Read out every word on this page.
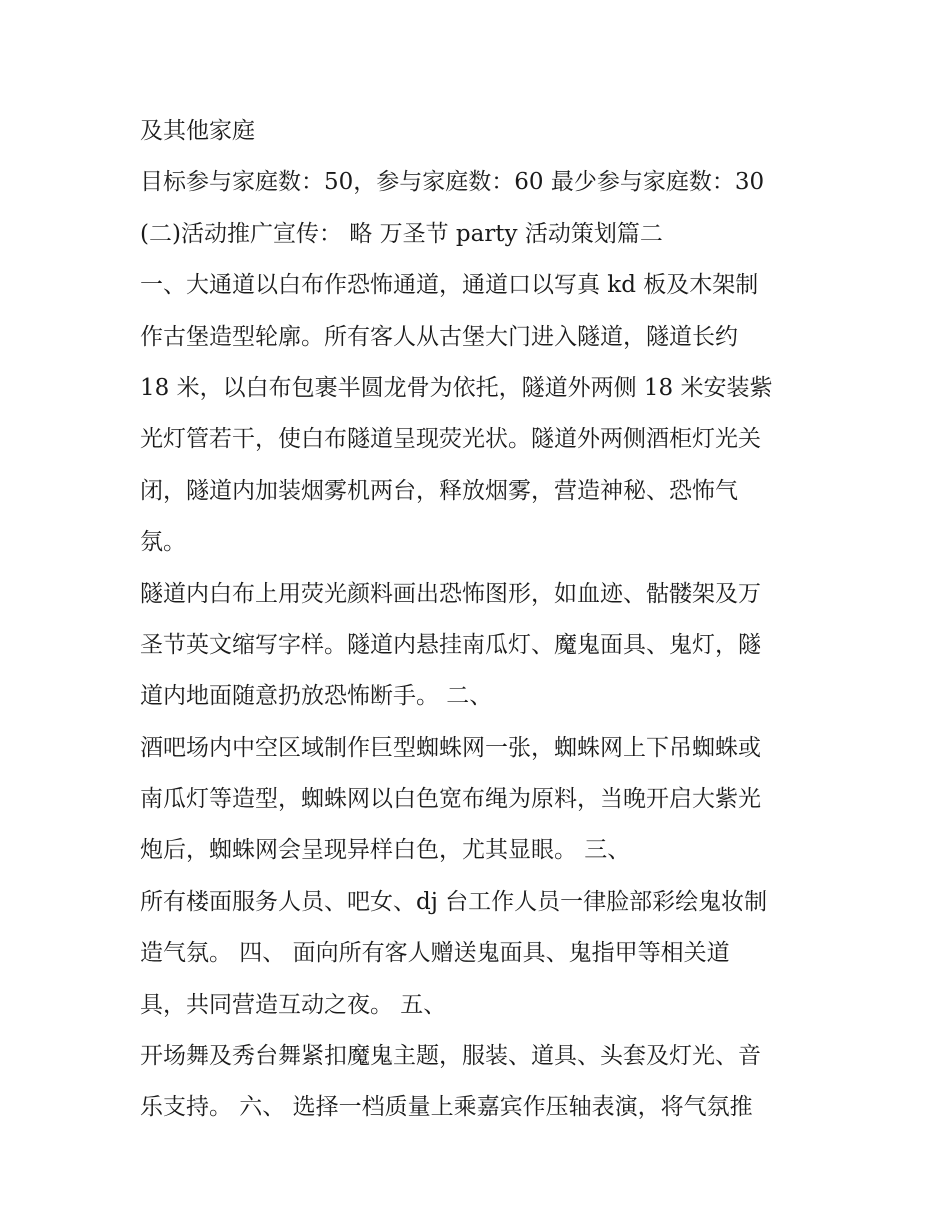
及其他家庭
目标参与家庭数：50，参与家庭数：60 最少参与家庭数：30
(二)活动推广宣传： 略 万圣节 party 活动策划篇二
一、大通道以白布作恐怖通道，通道口以写真 kd 板及木架制
作古堡造型轮廓。所有客人从古堡大门进入隧道，隧道长约
18 米，以白布包裹半圆龙骨为依托，隧道外两侧 18 米安装紫
光灯管若干，使白布隧道呈现荧光状。隧道外两侧酒柜灯光关
闭，隧道内加装烟雾机两台，释放烟雾，营造神秘、恐怖气
氛。
隧道内白布上用荧光颜料画出恐怖图形，如血迹、骷髅架及万
圣节英文缩写字样。隧道内悬挂南瓜灯、魔鬼面具、鬼灯，隧
道内地面随意扔放恐怖断手。 二、
酒吧场内中空区域制作巨型蜘蛛网一张，蜘蛛网上下吊蜘蛛或
南瓜灯等造型，蜘蛛网以白色宽布绳为原料，当晚开启大紫光
炮后，蜘蛛网会呈现异样白色，尤其显眼。 三、
所有楼面服务人员、吧女、dj 台工作人员一律脸部彩绘鬼妆制
造气氛。 四、 面向所有客人赠送鬼面具、鬼指甲等相关道
具，共同营造互动之夜。 五、
开场舞及秀台舞紧扣魔鬼主题，服装、道具、头套及灯光、音
乐支持。 六、 选择一档质量上乘嘉宾作压轴表演，将气氛推
